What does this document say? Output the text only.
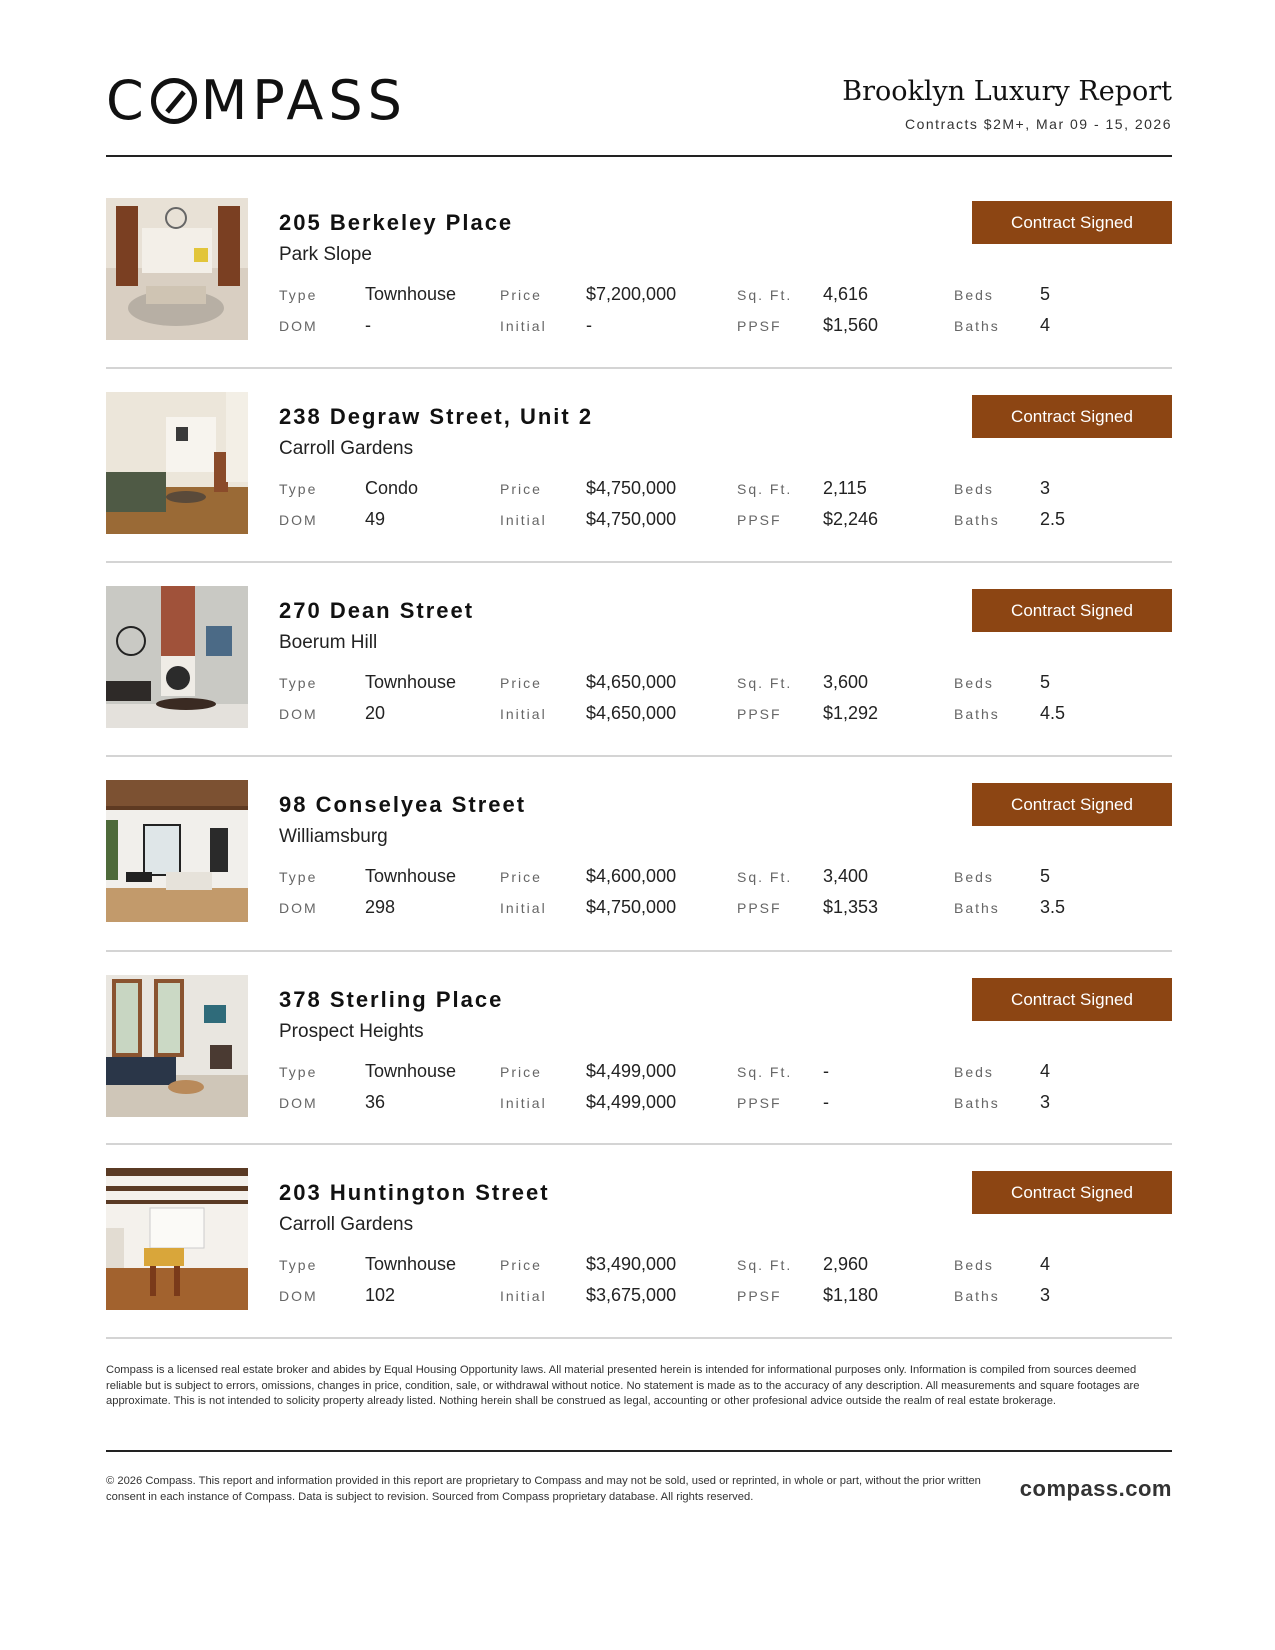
C MPASS	Brooklyn Luxury Report
Contracts $2M+, Mar 09 - 15, 2026
205 Berkeley Place
Park Slope
Contract Signed
Type	Townhouse	Price $7,200,000	Sq. Ft. 4,616	Beds	5
DOM	-	Initial -	PPSF $1,560	Baths 4
238 Degraw Street, Unit 2
Carroll Gardens
Contract Signed
Type	Condo	Price $4,750,000	Sq. Ft. 2,115	Beds	3
DOM	49	Initial $4,750,000	PPSF $2,246	Baths 2.5
270 Dean Street
Boerum Hill
Contract Signed
Type	Townhouse	Price $4,650,000	Sq. Ft. 3,600	Beds	5
DOM	20	Initial $4,650,000	PPSF $1,292	Baths 4.5
98 Conselyea Street
Williamsburg
Contract Signed
Type	Townhouse	Price $4,600,000	Sq. Ft. 3,400	Beds	5
DOM	298	Initial $4,750,000	PPSF $1,353	Baths 3.5
378 Sterling Place
Prospect Heights
Contract Signed
Type	Townhouse	Price $4,499,000	Sq. Ft. -	Beds	4
DOM	36	Initial $4,499,000	PPSF -	Baths 3
203 Huntington Street
Carroll Gardens
Contract Signed
Type	Townhouse	Price $3,490,000	Sq. Ft. 2,960	Beds	4
DOM	102	Initial $3,675,000	PPSF $1,180	Baths 3
Compass is a licensed real estate broker and abides by Equal Housing Opportunity laws. All material presented herein is intended for informational purposes only. Information is compiled from sources deemed reliable but is subject to errors, omissions, changes in price, condition, sale, or withdrawal without notice. No statement is made as to the accuracy of any description. All measurements and square footages are approximate. This is not intended to solicity property already listed. Nothing herein shall be construed as legal, accounting or other profesional advice outside the realm of real estate brokerage.
© 2026 Compass. This report and information provided in this report are proprietary to Compass and may not be sold, used or reprinted, in whole or part, without the prior written consent in each instance of Compass. Data is subject to revision. Sourced from Compass proprietary database. All rights reserved.	compass.com
